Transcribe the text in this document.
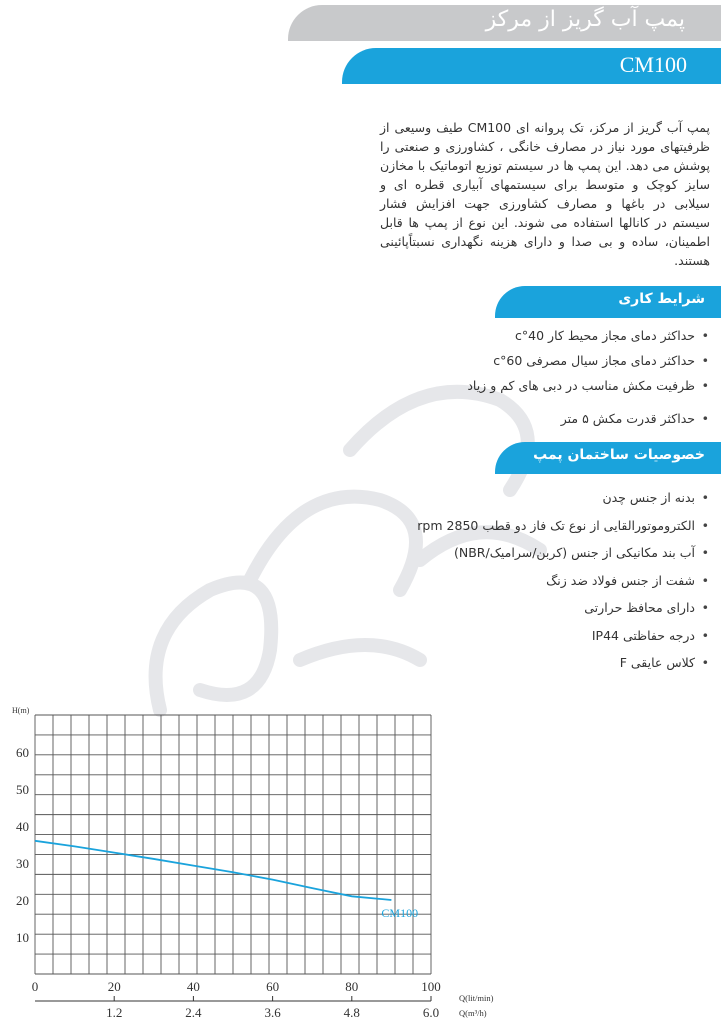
پمپ آب گریز از مرکز
CM100
پمپ آب گریز از مرکز، تک پروانه ای CM100 طیف وسیعی از ظرفیتهای مورد نیاز در مصارف خانگی ، کشاورزی و صنعتی را پوشش می دهد. این پمپ ها در سیستم توزیع اتوماتیک با مخازن سایز کوچک و متوسط برای سیستمهای آبیاری قطره ای و سیلابی در باغها و مصارف کشاورزی جهت افزایش فشار سیستم در کانالها استفاده می شوند. این نوع از پمپ ها قابل اطمینان، ساده و بی صدا و دارای هزینه نگهداری نسبتاًپائینی هستند.
شرایط کاری
• حداکثر دمای مجاز محیط کار 40°c
• حداکثر دمای مجاز سیال مصرفی 60°c
• ظرفیت مکش مناسب در دبی های کم و زیاد
• حداکثر قدرت مکش ۵ متر
خصوصیات ساختمان پمپ
• بدنه از جنس چدن
• الکتروموتورالقایی از نوع تک فاز دو قطب 2850 rpm
• آب بند مکانیکی از جنس (کربن/سرامیک/NBR)
• شفت از جنس فولاد ضد زنگ
• دارای محافظ حرارتی
• درجه حفاظتی IP44
• کلاس عایقی F
10
20
30
40
50
60
H(m)
0	20	40	60	80	100
Q(lit/min)
1.2	2.4	3.6	4.8	6.0 Q(m³/h)
CM100
